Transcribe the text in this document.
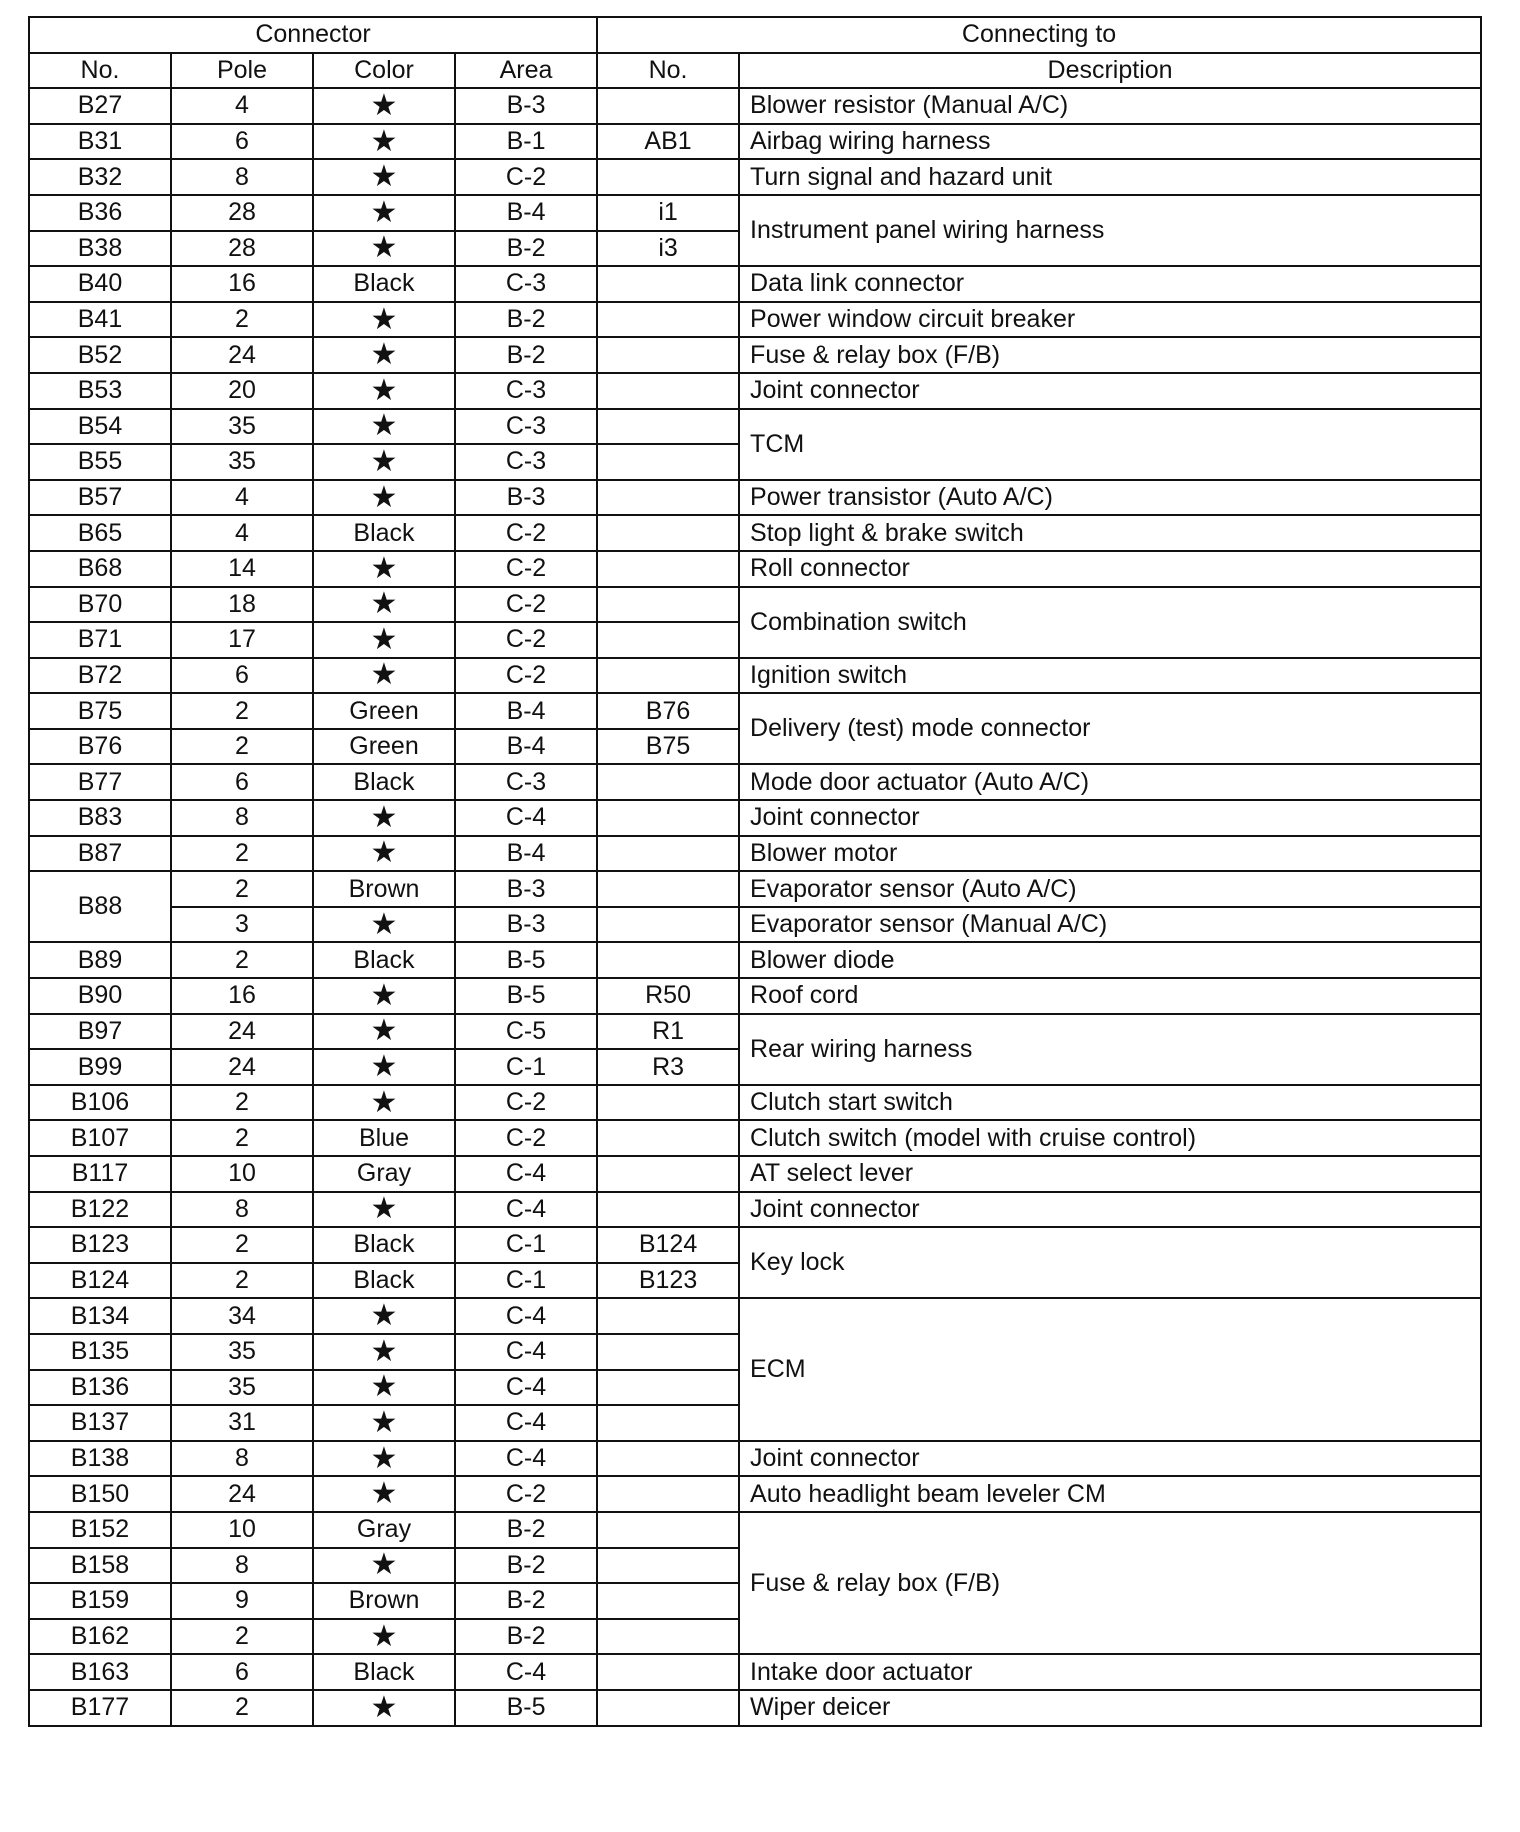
Connector				Connecting to	
No.	Pole	Color	Area	No.	Description
B27	4	★	B-3		Blower resistor (Manual A/C)
B31	6	★	B-1	AB1	Airbag wiring harness
B32	8	★	C-2		Turn signal and hazard unit
B36	28	★	B-4	i1	Instrument panel wiring harness
B38	28	★	B-2	i3	
B40	16	Black	C-3		Data link connector
B41	2	★	B-2		Power window circuit breaker
B52	24	★	B-2		Fuse & relay box (F/B)
B53	20	★	C-3		Joint connector
B54	35	★	C-3		TCM
B55	35	★	C-3		
B57	4	★	B-3		Power transistor (Auto A/C)
B65	4	Black	C-2		Stop light & brake switch
B68	14	★	C-2		Roll connector
B70	18	★	C-2		Combination switch
B71	17	★	C-2		
B72	6	★	C-2		Ignition switch
B75	2	Green	B-4	B76	Delivery (test) mode connector
B76	2	Green	B-4	B75	
B77	6	Black	C-3		Mode door actuator (Auto A/C)
B83	8	★	C-4		Joint connector
B87	2	★	B-4		Blower motor
B88	2	Brown	B-3		Evaporator sensor (Auto A/C)
	3	★	B-3		Evaporator sensor (Manual A/C)
B89	2	Black	B-5		Blower diode
B90	16	★	B-5	R50	Roof cord
B97	24	★	C-5	R1	Rear wiring harness
B99	24	★	C-1	R3	
B106	2	★	C-2		Clutch start switch
B107	2	Blue	C-2		Clutch switch (model with cruise control)
B117	10	Gray	C-4		AT select lever
B122	8	★	C-4		Joint connector
B123	2	Black	C-1	B124	Key lock
B124	2	Black	C-1	B123	
B134	34	★	C-4		ECM
B135	35	★	C-4		
B136	35	★	C-4		
B137	31	★	C-4		
B138	8	★	C-4		Joint connector
B150	24	★	C-2		Auto headlight beam leveler CM
B152	10	Gray	B-2		Fuse & relay box (F/B)
B158	8	★	B-2		
B159	9	Brown	B-2		
B162	2	★	B-2		
B163	6	Black	C-4		Intake door actuator
B177	2	★	B-5		Wiper deicer
